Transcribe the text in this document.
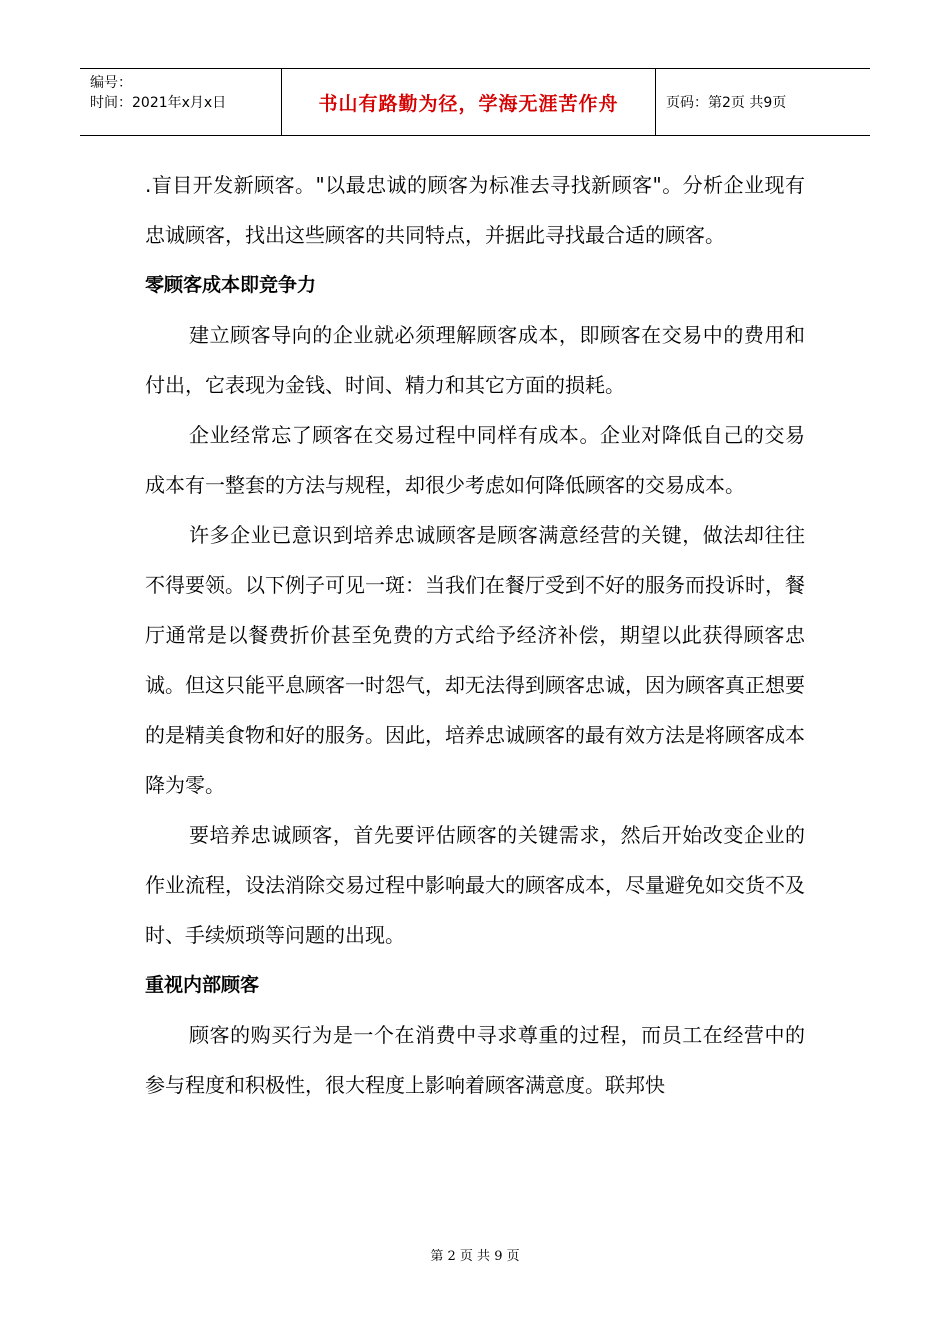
编号：
时间：2021年x月x日	书山有路勤为径，学海无涯苦作舟	页码：第2页 共9页

.盲目开发新顾客。"以最忠诚的顾客为标准去寻找新顾客"。分析企业现有忠诚顾客，找出这些顾客的共同特点，并据此寻找最合适的顾客。

零顾客成本即竞争力

建立顾客导向的企业就必须理解顾客成本，即顾客在交易中的费用和付出，它表现为金钱、时间、精力和其它方面的损耗。

企业经常忘了顾客在交易过程中同样有成本。企业对降低自己的交易成本有一整套的方法与规程，却很少考虑如何降低顾客的交易成本。

许多企业已意识到培养忠诚顾客是顾客满意经营的关键，做法却往往不得要领。以下例子可见一斑：当我们在餐厅受到不好的服务而投诉时，餐厅通常是以餐费折价甚至免费的方式给予经济补偿，期望以此获得顾客忠诚。但这只能平息顾客一时怨气，却无法得到顾客忠诚，因为顾客真正想要的是精美食物和好的服务。因此，培养忠诚顾客的最有效方法是将顾客成本降为零。

要培养忠诚顾客，首先要评估顾客的关键需求，然后开始改变企业的作业流程，设法消除交易过程中影响最大的顾客成本，尽量避免如交货不及时、手续烦琐等问题的出现。

重视内部顾客

顾客的购买行为是一个在消费中寻求尊重的过程，而员工在经营中的参与程度和积极性，很大程度上影响着顾客满意度。联邦快

第 2 页 共 9 页
